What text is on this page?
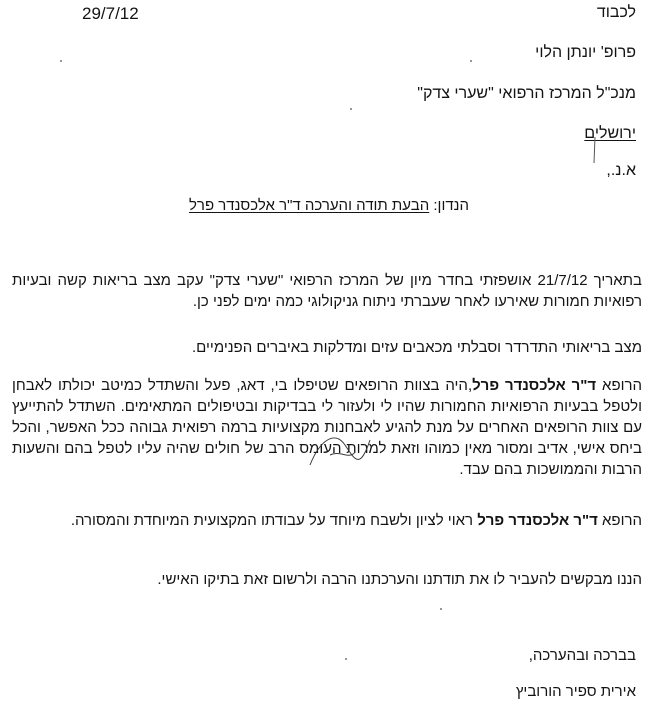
29/7/12	לכבוד
פרופ' יונתן הלוי
מנכ"ל המרכז הרפואי "שערי צדק"
ירושלים
א.נ.,
הנדון: הבעת תודה והערכה ד"ר אלכסנדר פרל
בתאריך 21/7/12 אושפזתי בחדר מיון של המרכז הרפואי "שערי צדק" עקב מצב בריאות קשה ובעיות רפואיות חמורות שאירעו לאחר שעברתי ניתוח גניקולוגי כמה ימים לפני כן.
מצב בריאותי התדרדר וסבלתי מכאבים עזים ומדלקות באיברים הפנימיים.
הרופא ד"ר אלכסנדר פרל,היה בצוות הרופאים שטיפלו בי, דאג, פעל והשתדל כמיטב יכולתו לאבחן ולטפל בבעיות הרפואיות החמורות שהיו לי ולעזור לי בבדיקות ובטיפולים המתאימים. השתדל להתייעץ עם צוות הרופאים האחרים על מנת להגיע לאבחנות מקצועיות ברמה רפואית גבוהה ככל האפשר, והכל ביחס אישי, אדיב ומסור מאין כמוהו וזאת למרות העומס הרב של חולים שהיה עליו לטפל בהם והשעות הרבות והממושכות בהם עבד.
הרופא ד"ר אלכסנדר פרל ראוי לציון ולשבח מיוחד על עבודתו המקצועית המיוחדת והמסורה.
הננו מבקשים להעביר לו את תודתנו והערכתנו הרבה ולרשום זאת בתיקו האישי.
בברכה ובהערכה,
אירית ספיר הורוביץ
